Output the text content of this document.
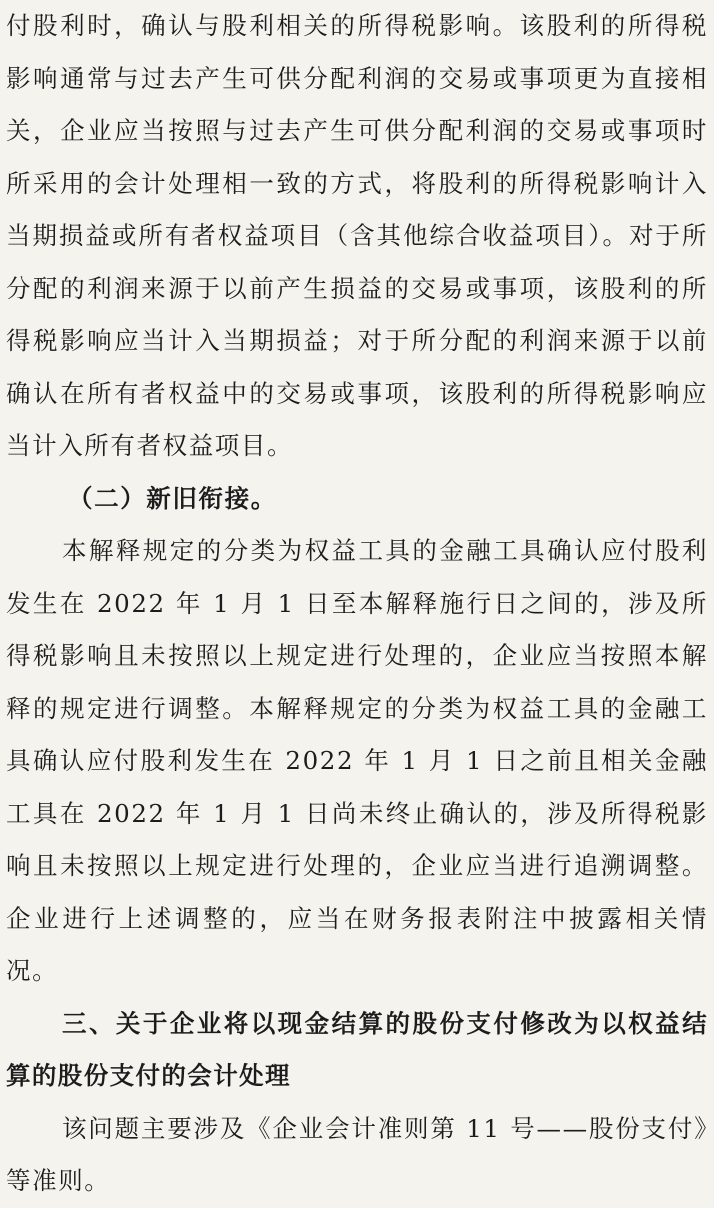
付股利时，确认与股利相关的所得税影响。该股利的所得税影响通常与过去产生可供分配利润的交易或事项更为直接相关，企业应当按照与过去产生可供分配利润的交易或事项时所采用的会计处理相一致的方式，将股利的所得税影响计入当期损益或所有者权益项目（含其他综合收益项目）。对于所分配的利润来源于以前产生损益的交易或事项，该股利的所得税影响应当计入当期损益；对于所分配的利润来源于以前确认在所有者权益中的交易或事项，该股利的所得税影响应当计入所有者权益项目。

（二）新旧衔接。

本解释规定的分类为权益工具的金融工具确认应付股利发生在 2022 年 1 月 1 日至本解释施行日之间的，涉及所得税影响且未按照以上规定进行处理的，企业应当按照本解释的规定进行调整。本解释规定的分类为权益工具的金融工具确认应付股利发生在 2022 年 1 月 1 日之前且相关金融工具在 2022 年 1 月 1 日尚未终止确认的，涉及所得税影响且未按照以上规定进行处理的，企业应当进行追溯调整。企业进行上述调整的，应当在财务报表附注中披露相关情况。

三、关于企业将以现金结算的股份支付修改为以权益结算的股份支付的会计处理

该问题主要涉及《企业会计准则第 11 号——股份支付》等准则。
